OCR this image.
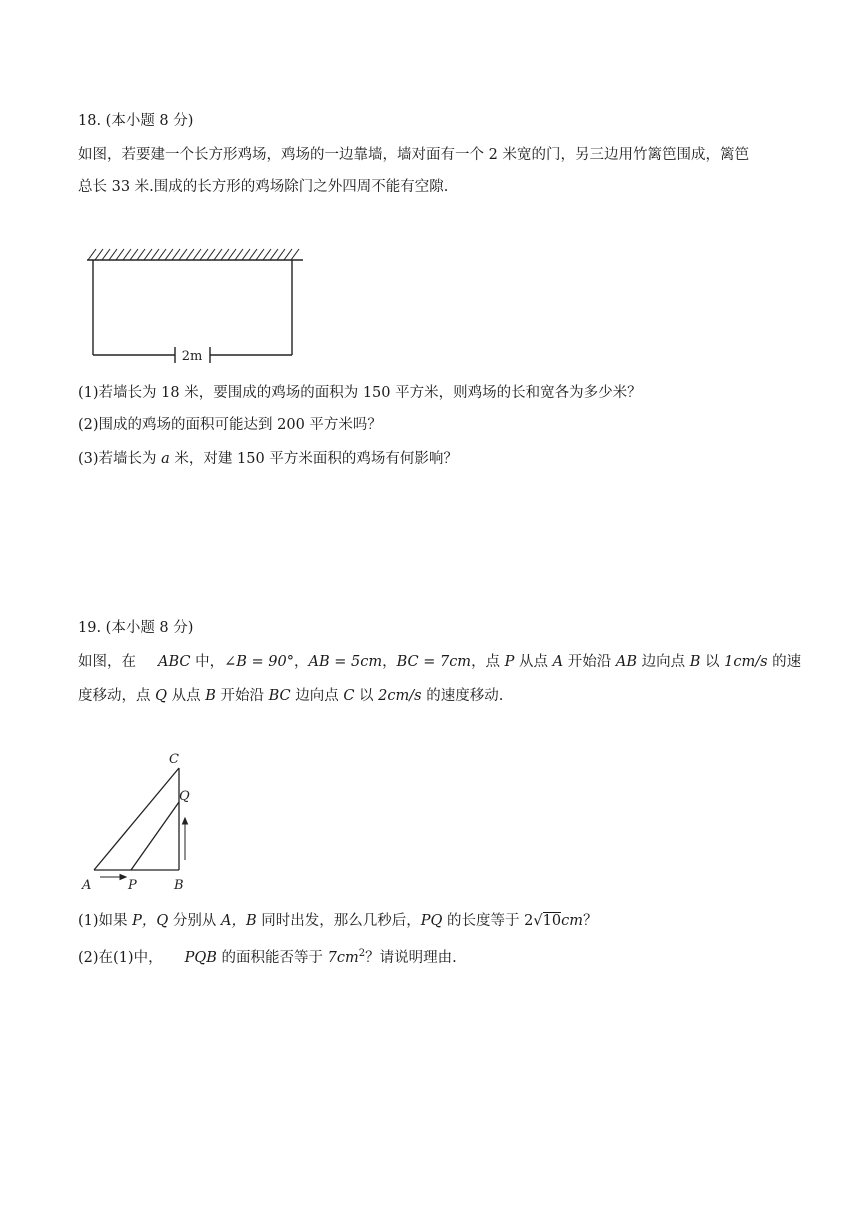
18. (本小题 8 分)
如图，若要建一个长方形鸡场，鸡场的一边靠墙，墙对面有一个 2 米宽的门，另三边用竹篱笆围成，篱笆
总长 33 米.围成的长方形的鸡场除门之外四周不能有空隙.
2m
(1)若墙长为 18 米，要围成的鸡场的面积为 150 平方米，则鸡场的长和宽各为多少米？
(2)围成的鸡场的面积可能达到 200 平方米吗？
(3)若墙长为 a 米，对建 150 平方米面积的鸡场有何影响？
19. (本小题 8 分)
如图，在 ABC 中，∠B = 90°，AB = 5cm，BC = 7cm，点 P 从点 A 开始沿 AB 边向点 B 以 1cm/s 的速
度移动，点 Q 从点 B 开始沿 BC 边向点 C 以 2cm/s 的速度移动.
C
Q
A	P	B
(1)如果 P，Q 分别从 A，B 同时出发，那么几秒后，PQ 的长度等于 2√10cm？
(2)在(1)中， PQB 的面积能否等于 $7cm^2$？请说明理由.
